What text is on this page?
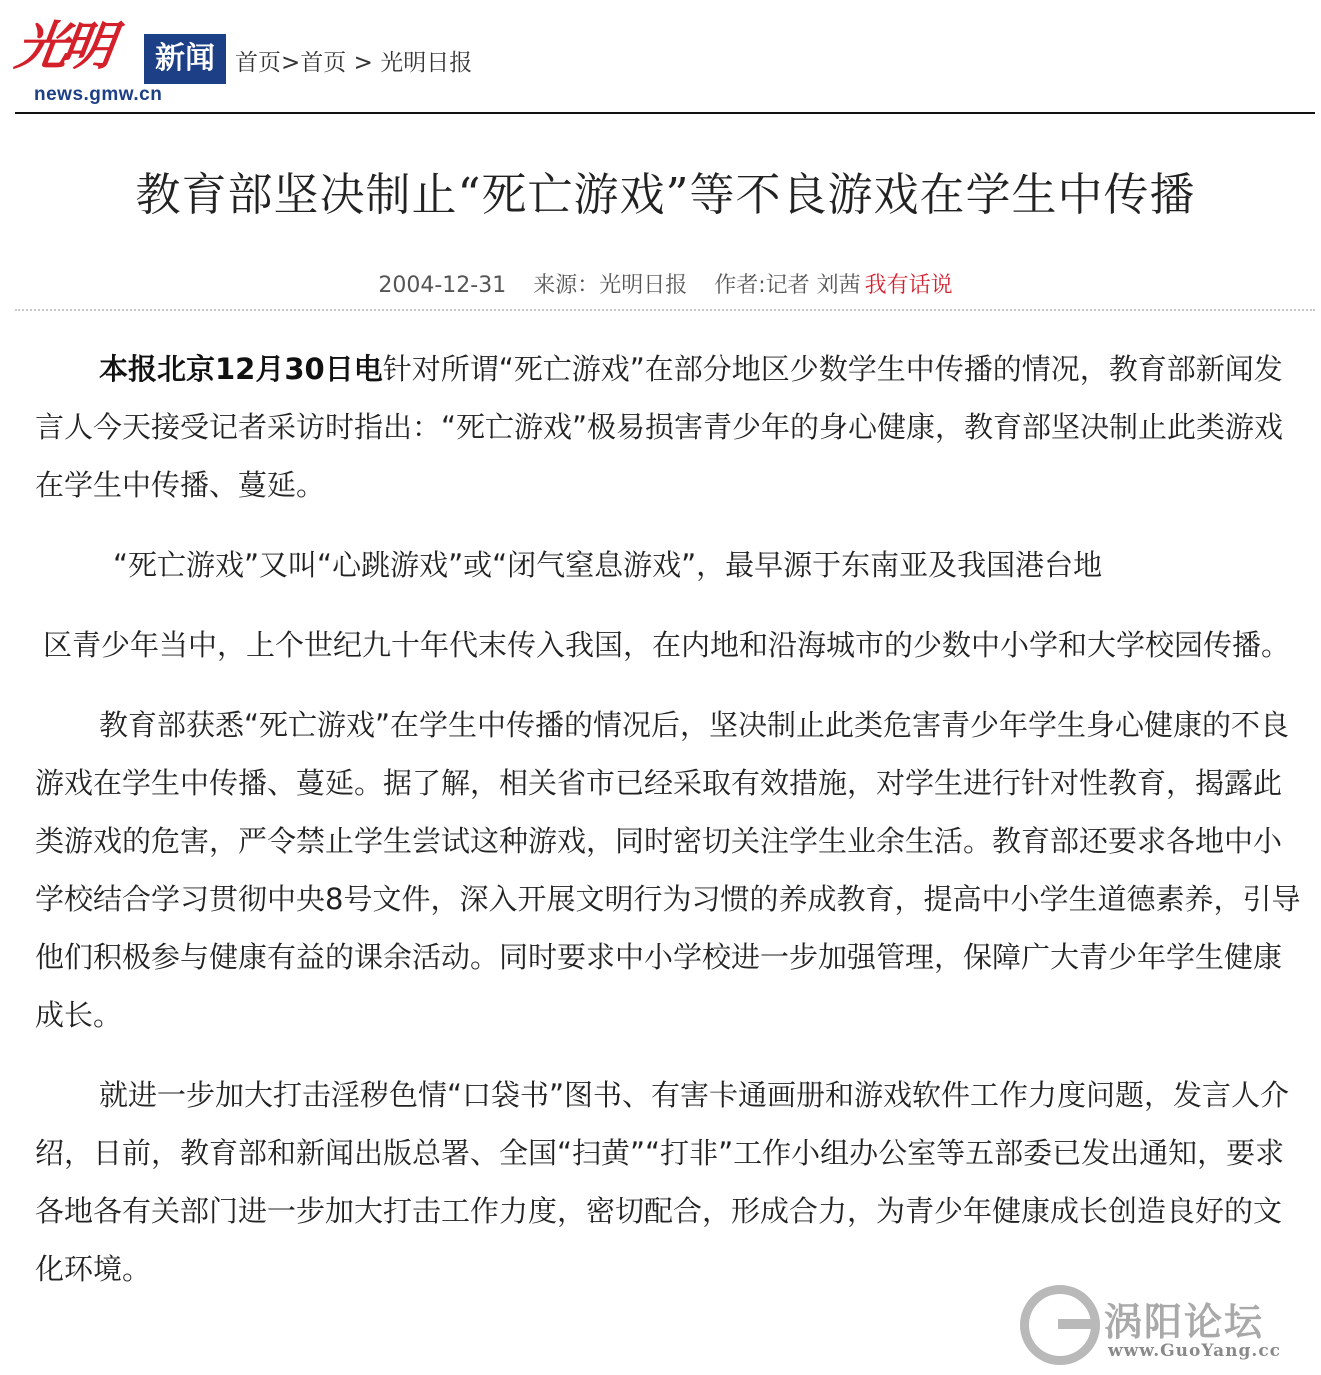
光明	新闻
news.gmw.cn
首页>首页 > 光明日报
教育部坚决制止“死亡游戏”等不良游戏在学生中传播
2004-12-31 来源：光明日报 作者:记者 刘茜 我有话说

本报北京12月30日电针对所谓“死亡游戏”在部分地区少数学生中传播的情况，教育部新闻发言人今天接受记者采访时指出：“死亡游戏”极易损害青少年的身心健康，教育部坚决制止此类游戏在学生中传播、蔓延。

“死亡游戏”又叫“心跳游戏”或“闭气窒息游戏”，最早源于东南亚及我国港台地

区青少年当中，上个世纪九十年代末传入我国，在内地和沿海城市的少数中小学和大学校园传播。

教育部获悉“死亡游戏”在学生中传播的情况后，坚决制止此类危害青少年学生身心健康的不良游戏在学生中传播、蔓延。据了解，相关省市已经采取有效措施，对学生进行针对性教育，揭露此类游戏的危害，严令禁止学生尝试这种游戏，同时密切关注学生业余生活。教育部还要求各地中小学校结合学习贯彻中央8号文件，深入开展文明行为习惯的养成教育，提高中小学生道德素养，引导他们积极参与健康有益的课余活动。同时要求中小学校进一步加强管理，保障广大青少年学生健康成长。

就进一步加大打击淫秽色情“口袋书”图书、有害卡通画册和游戏软件工作力度问题，发言人介绍，日前，教育部和新闻出版总署、全国“扫黄”“打非”工作小组办公室等五部委已发出通知，要求各地各有关部门进一步加大打击工作力度，密切配合，形成合力，为青少年健康成长创造良好的文化环境。

涡阳论坛
www.GuoYang.cc
